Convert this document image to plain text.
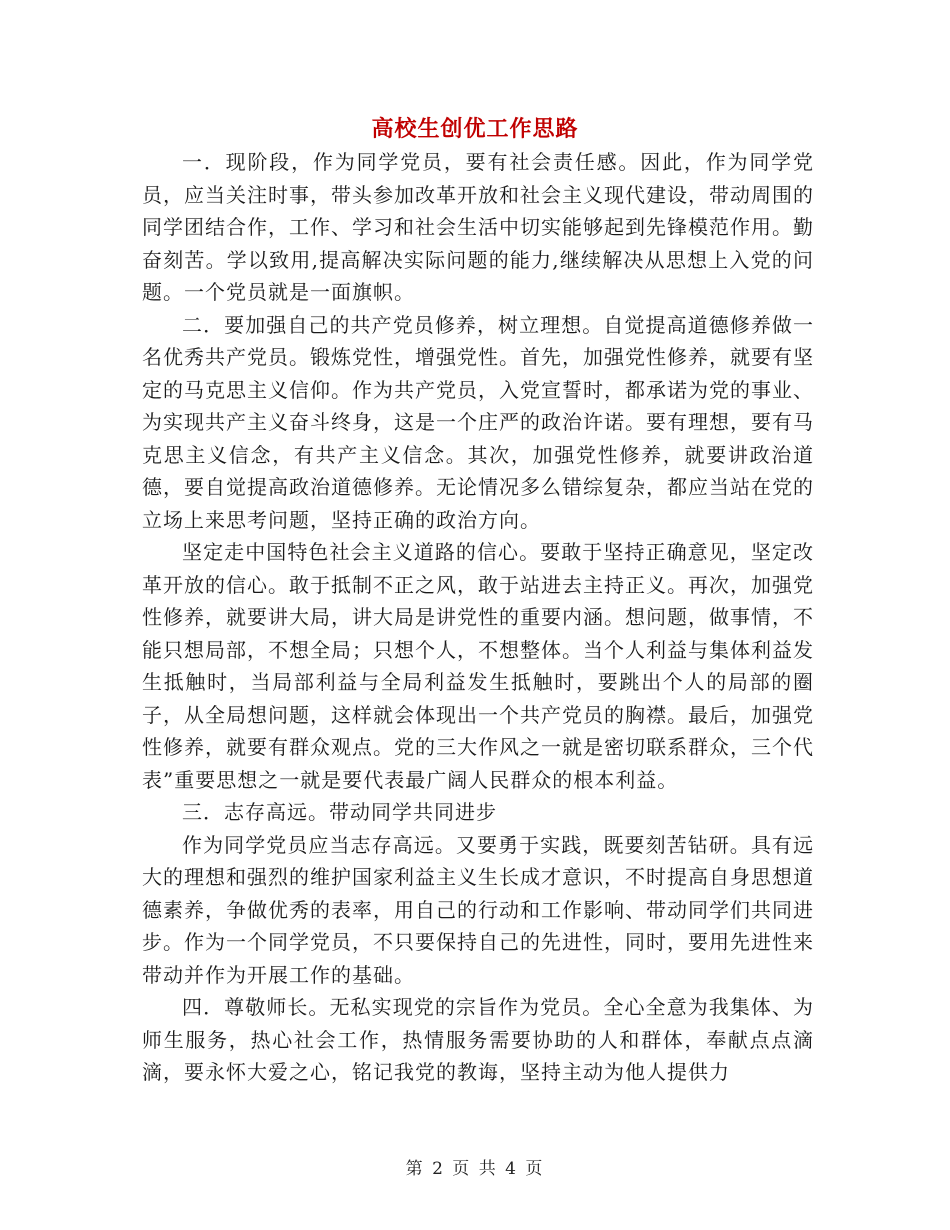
高校生创优工作思路

一．现阶段，作为同学党员，要有社会责任感。因此，作为同学党员，应当关注时事，带头参加改革开放和社会主义现代建设，带动周围的同学团结合作，工作、学习和社会生活中切实能够起到先锋模范作用。勤奋刻苦。学以致用,提高解决实际问题的能力,继续解决从思想上入党的问题。一个党员就是一面旗帜。

二．要加强自己的共产党员修养，树立理想。自觉提高道德修养做一名优秀共产党员。锻炼党性，增强党性。首先，加强党性修养，就要有坚定的马克思主义信仰。作为共产党员，入党宣誓时，都承诺为党的事业、为实现共产主义奋斗终身，这是一个庄严的政治许诺。要有理想，要有马克思主义信念，有共产主义信念。其次，加强党性修养，就要讲政治道德，要自觉提高政治道德修养。无论情况多么错综复杂，都应当站在党的立场上来思考问题，坚持正确的政治方向。

坚定走中国特色社会主义道路的信心。要敢于坚持正确意见，坚定改革开放的信心。敢于抵制不正之风，敢于站进去主持正义。再次，加强党性修养，就要讲大局，讲大局是讲党性的重要内涵。想问题，做事情，不能只想局部，不想全局；只想个人，不想整体。当个人利益与集体利益发生抵触时，当局部利益与全局利益发生抵触时，要跳出个人的局部的圈子，从全局想问题，这样就会体现出一个共产党员的胸襟。最后，加强党性修养，就要有群众观点。党的三大作风之一就是密切联系群众，三个代表”重要思想之一就是要代表最广阔人民群众的根本利益。

三．志存高远。带动同学共同进步

作为同学党员应当志存高远。又要勇于实践，既要刻苦钻研。具有远大的理想和强烈的维护国家利益主义生长成才意识，不时提高自身思想道德素养，争做优秀的表率，用自己的行动和工作影响、带动同学们共同进步。作为一个同学党员，不只要保持自己的先进性，同时，要用先进性来带动并作为开展工作的基础。

四．尊敬师长。无私实现党的宗旨作为党员。全心全意为我集体、为师生服务，热心社会工作，热情服务需要协助的人和群体，奉献点点滴滴，要永怀大爱之心，铭记我党的教诲，坚持主动为他人提供力

第 2 页 共 4 页
